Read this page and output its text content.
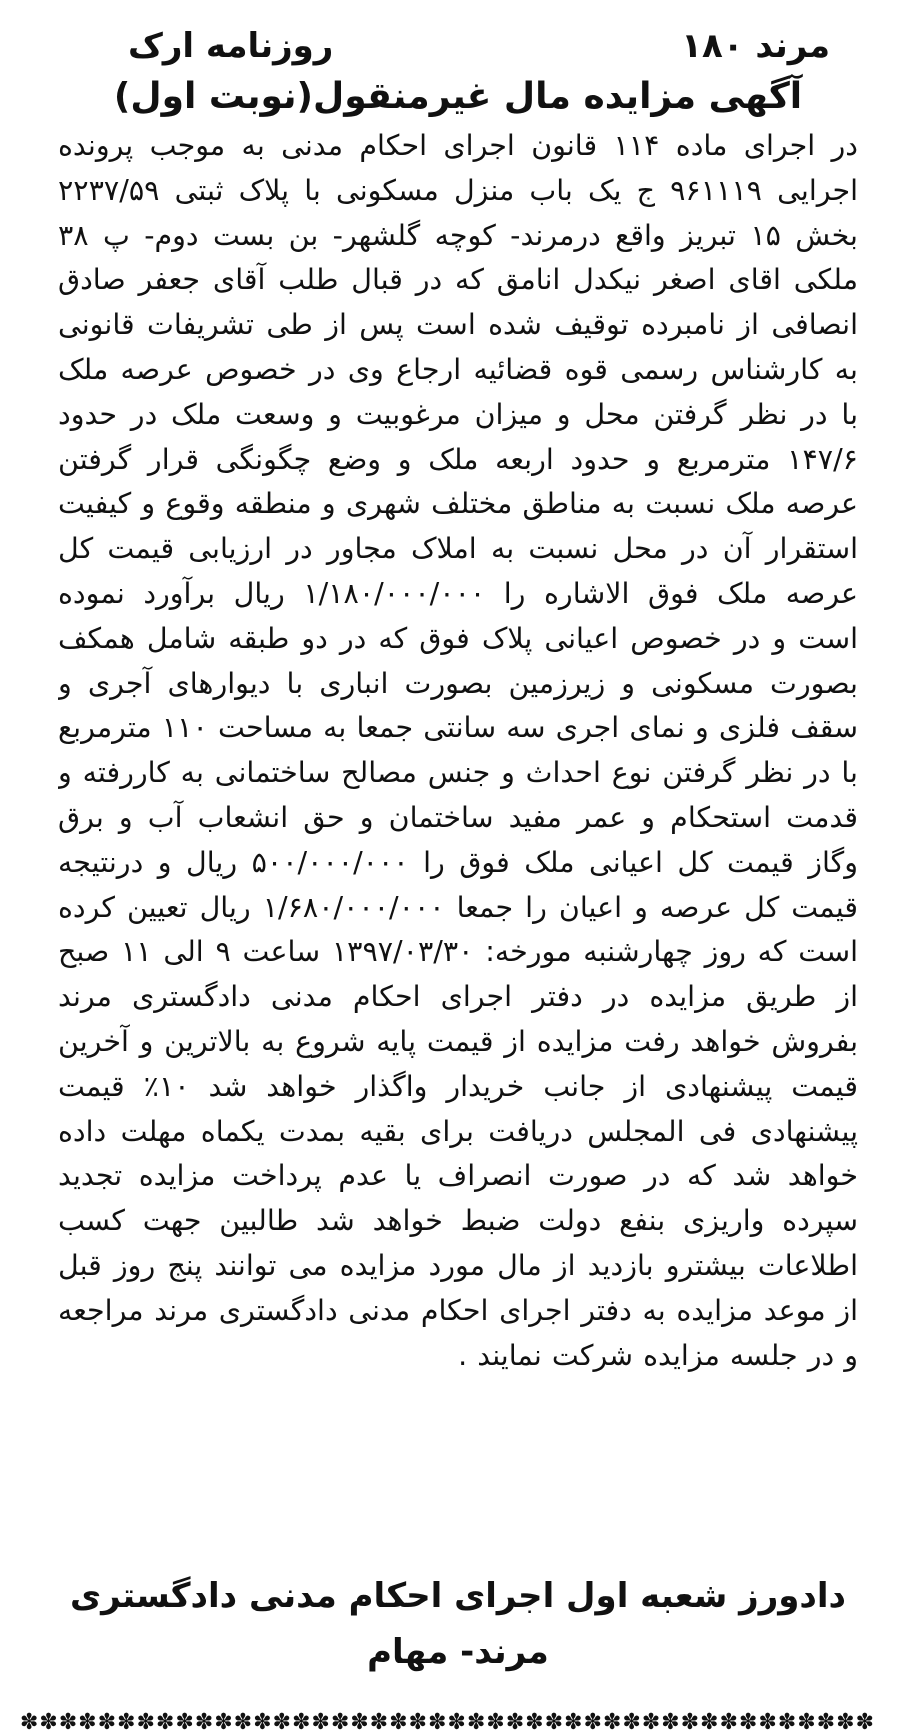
مرند ۱۸۰
روزنامه ارک
آگهی مزایده مال غیرمنقول(نوبت اول)

در اجرای ماده ۱۱۴ قانون اجرای احکام مدنی به موجب پرونده اجرایی ۹۶۱۱۱۹ ج یک باب منزل مسکونی با پلاک ثبتی ۲۲۳۷/۵۹ بخش ۱۵ تبریز واقع درمرند- کوچه گلشهر- بن بست دوم- پ ۳۸ ملکی اقای اصغر نیکدل انامق که در قبال طلب آقای جعفر صادق انصافی از نامبرده توقیف شده است پس از طی تشریفات قانونی به کارشناس رسمی قوه قضائیه ارجاع وی در خصوص عرصه ملک با در نظر گرفتن محل و میزان مرغوبیت و وسعت ملک در حدود ۱۴۷/۶ مترمربع و حدود اربعه ملک و وضع چگونگی قرار گرفتن عرصه ملک نسبت به مناطق مختلف شهری و منطقه وقوع و کیفیت استقرار آن در محل نسبت به املاک مجاور در ارزیابی قیمت کل عرصه ملک فوق الاشاره را ۱/۱۸۰/۰۰۰/۰۰۰ ریال برآورد نموده است و در خصوص اعیانی پلاک فوق که در دو طبقه شامل همکف بصورت مسکونی و زیرزمین بصورت انباری با دیوارهای آجری و سقف فلزی و نمای اجری سه سانتی جمعا به مساحت ۱۱۰ مترمربع با در نظر گرفتن نوع احداث و جنس مصالح ساختمانی به کاررفته و قدمت استحکام و عمر مفید ساختمان و حق انشعاب آب و برق وگاز قیمت کل اعیانی ملک فوق را ۵۰۰/۰۰۰/۰۰۰ ریال و درنتیجه قیمت کل عرصه و اعیان را جمعا ۱/۶۸۰/۰۰۰/۰۰۰ ریال تعیین کرده است که روز چهارشنبه مورخه: ۱۳۹۷/۰۳/۳۰ ساعت ۹ الی ۱۱ صبح از طریق مزایده در دفتر اجرای احکام مدنی دادگستری مرند بفروش خواهد رفت مزایده از قیمت پایه شروع به بالاترین و آخرین قیمت پیشنهادی از جانب خریدار واگذار خواهد شد ۱۰٪ قیمت پیشنهادی فی المجلس دریافت برای بقیه بمدت یکماه مهلت داده خواهد شد که در صورت انصراف یا عدم پرداخت مزایده تجدید سپرده واریزی بنفع دولت ضبط خواهد شد طالبین جهت کسب اطلاعات بیشترو بازدید از مال مورد مزایده می توانند پنج روز قبل از موعد مزایده به دفتر اجرای احکام مدنی دادگستری مرند مراجعه و در جلسه مزایده شرکت نمایند .

دادورز شعبه اول اجرای احکام مدنی دادگستری
مرند- مهام
✽✽✽✽✽✽✽✽✽✽✽✽✽✽✽✽✽✽✽✽✽✽✽✽✽✽✽✽✽✽✽✽✽✽✽✽✽✽✽✽✽✽✽✽
